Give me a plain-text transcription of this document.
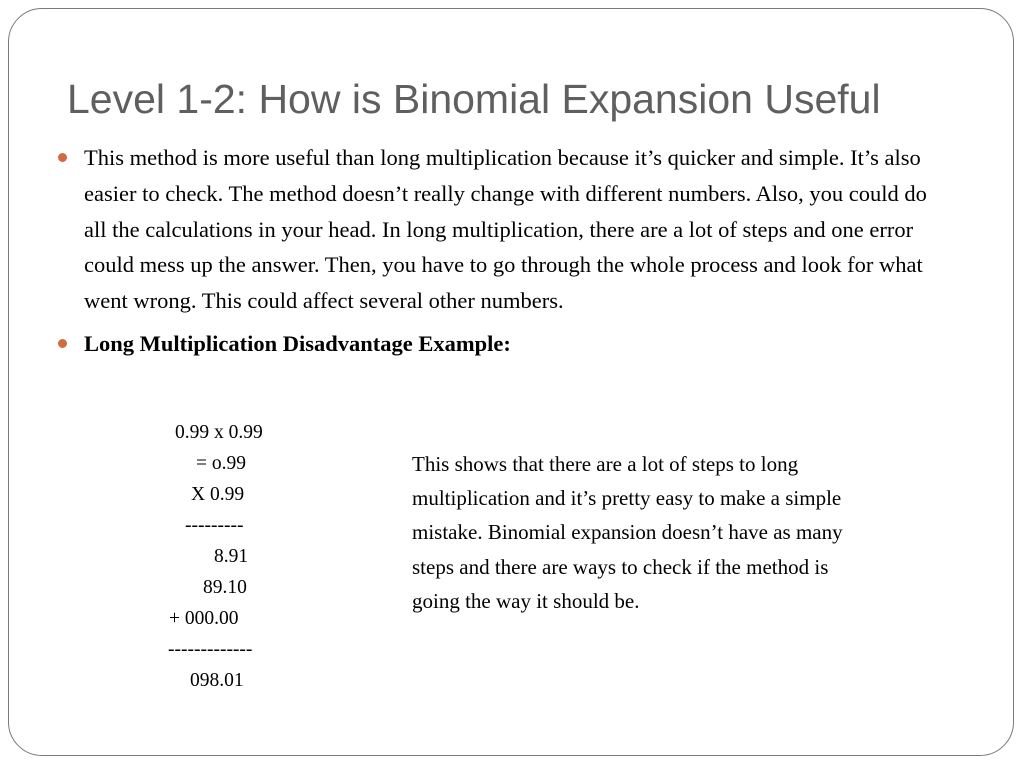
Level 1-2: How is Binomial Expansion Useful
This method is more useful than long multiplication because it’s quicker and simple. It’s also easier to check. The method doesn’t really change with different numbers. Also, you could do all the calculations in your head. In long multiplication, there are a lot of steps and one error could mess up the answer. Then, you have to go through the whole process and look for what went wrong. This could affect several other numbers.
Long Multiplication Disadvantage Example:
0.99 x 0.99
= o.99
X 0.99
---------
8.91
89.10
+ 000.00
-------------
098.01

This shows that there are a lot of steps to long multiplication and it’s pretty easy to make a simple mistake. Binomial expansion doesn’t have as many steps and there are ways to check if the method is going the way it should be.
